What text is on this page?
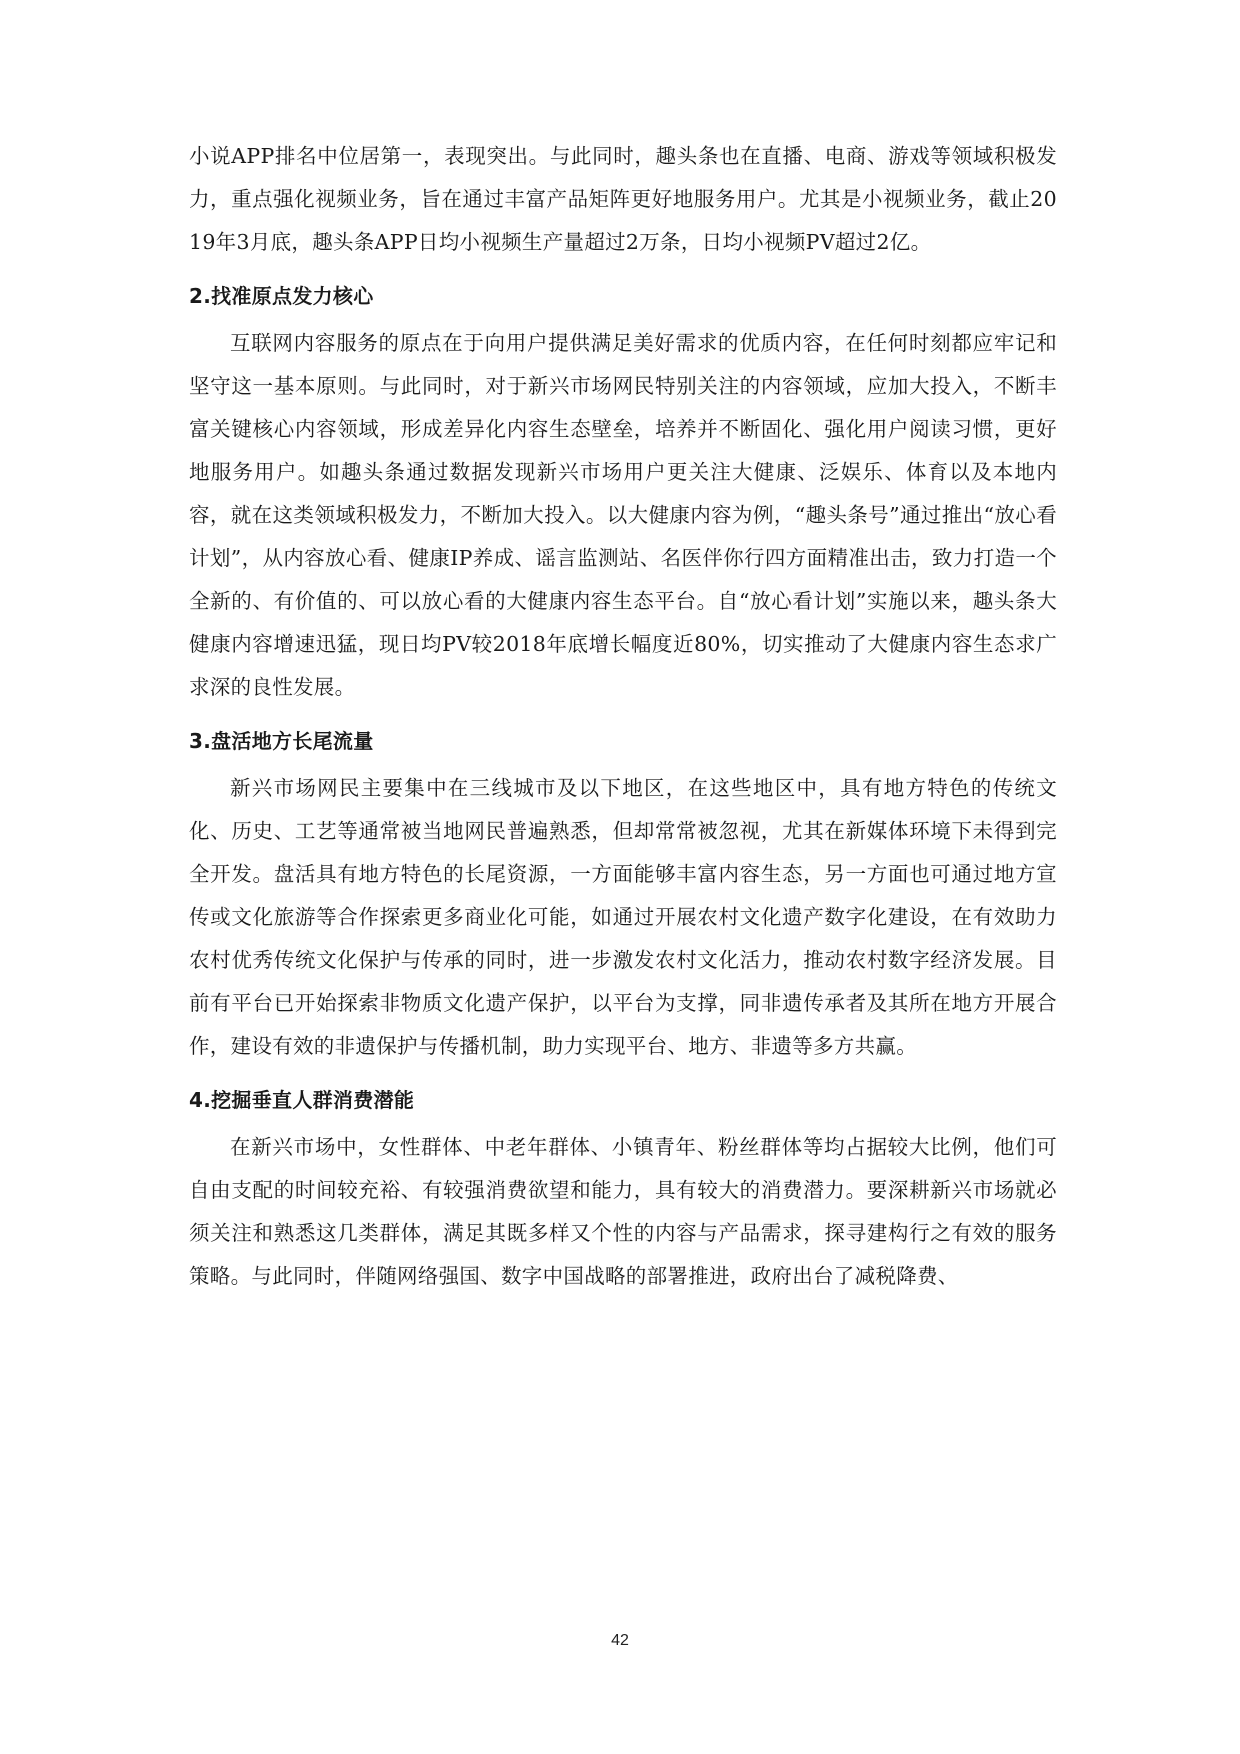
小说APP排名中位居第一，表现突出。与此同时，趣头条也在直播、电商、游戏等领域积极发力，重点强化视频业务，旨在通过丰富产品矩阵更好地服务用户。尤其是小视频业务，截止2019年3月底，趣头条APP日均小视频生产量超过2万条，日均小视频PV超过2亿。

2.找准原点发力核心

互联网内容服务的原点在于向用户提供满足美好需求的优质内容，在任何时刻都应牢记和坚守这一基本原则。与此同时，对于新兴市场网民特别关注的内容领域，应加大投入，不断丰富关键核心内容领域，形成差异化内容生态壁垒，培养并不断固化、强化用户阅读习惯，更好地服务用户。如趣头条通过数据发现新兴市场用户更关注大健康、泛娱乐、体育以及本地内容，就在这类领域积极发力，不断加大投入。以大健康内容为例，“趣头条号”通过推出“放心看计划”，从内容放心看、健康IP养成、谣言监测站、名医伴你行四方面精准出击，致力打造一个全新的、有价值的、可以放心看的大健康内容生态平台。自“放心看计划”实施以来，趣头条大健康内容增速迅猛，现日均PV较2018年底增长幅度近80%，切实推动了大健康内容生态求广求深的良性发展。

3.盘活地方长尾流量

新兴市场网民主要集中在三线城市及以下地区，在这些地区中，具有地方特色的传统文化、历史、工艺等通常被当地网民普遍熟悉，但却常常被忽视，尤其在新媒体环境下未得到完全开发。盘活具有地方特色的长尾资源，一方面能够丰富内容生态，另一方面也可通过地方宣传或文化旅游等合作探索更多商业化可能，如通过开展农村文化遗产数字化建设，在有效助力农村优秀传统文化保护与传承的同时，进一步激发农村文化活力，推动农村数字经济发展。目前有平台已开始探索非物质文化遗产保护，以平台为支撑，同非遗传承者及其所在地方开展合作，建设有效的非遗保护与传播机制，助力实现平台、地方、非遗等多方共赢。

4.挖掘垂直人群消费潜能

在新兴市场中，女性群体、中老年群体、小镇青年、粉丝群体等均占据较大比例，他们可自由支配的时间较充裕、有较强消费欲望和能力，具有较大的消费潜力。要深耕新兴市场就必须关注和熟悉这几类群体，满足其既多样又个性的内容与产品需求，探寻建构行之有效的服务策略。与此同时，伴随网络强国、数字中国战略的部署推进，政府出台了减税降费、

42
